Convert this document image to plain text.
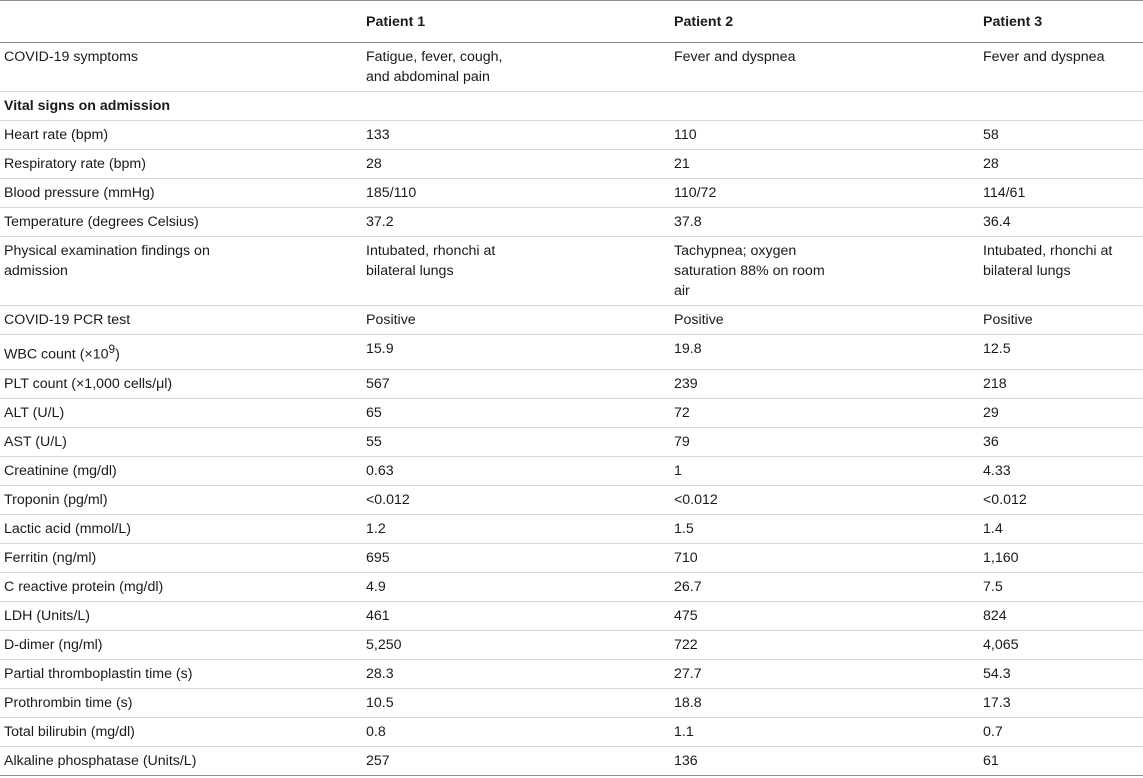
	Patient 1	Patient 2	Patient 3

COVID-19 symptoms	Fatigue, fever, cough, and abdominal pain	Fever and dyspnea	Fever and dyspnea

Vital signs on admission			
Heart rate (bpm)	133	110	58
Respiratory rate (bpm)	28	21	28
Blood pressure (mmHg)	185/110	110/72	114/61
Temperature (degrees Celsius)	37.2	37.8	36.4

Physical examination findings on admission	Intubated, rhonchi at bilateral lungs	Tachypnea; oxygen saturation 88% on room air	Intubated, rhonchi at bilateral lungs

COVID-19 PCR test	Positive	Positive	Positive
WBC count $(\times 10^9)$	15.9	19.8	12.5
PLT count (×1,000 cells/μl)	567	239	218
ALT (U/L)	65	72	29
AST (U/L)	55	79	36
Creatinine (mg/dl)	0.63	1	4.33
Troponin (pg/ml)	<0.012	<0.012	<0.012
Lactic acid (mmol/L)	1.2	1.5	1.4
Ferritin (ng/ml)	695	710	1,160
C reactive protein (mg/dl)	4.9	26.7	7.5
LDH (Units/L)	461	475	824
D-dimer (ng/ml)	5,250	722	4,065
Partial thromboplastin time (s)	28.3	27.7	54.3
Prothrombin time (s)	10.5	18.8	17.3
Total bilirubin (mg/dl)	0.8	1.1	0.7
Alkaline phosphatase (Units/L)	257	136	61
